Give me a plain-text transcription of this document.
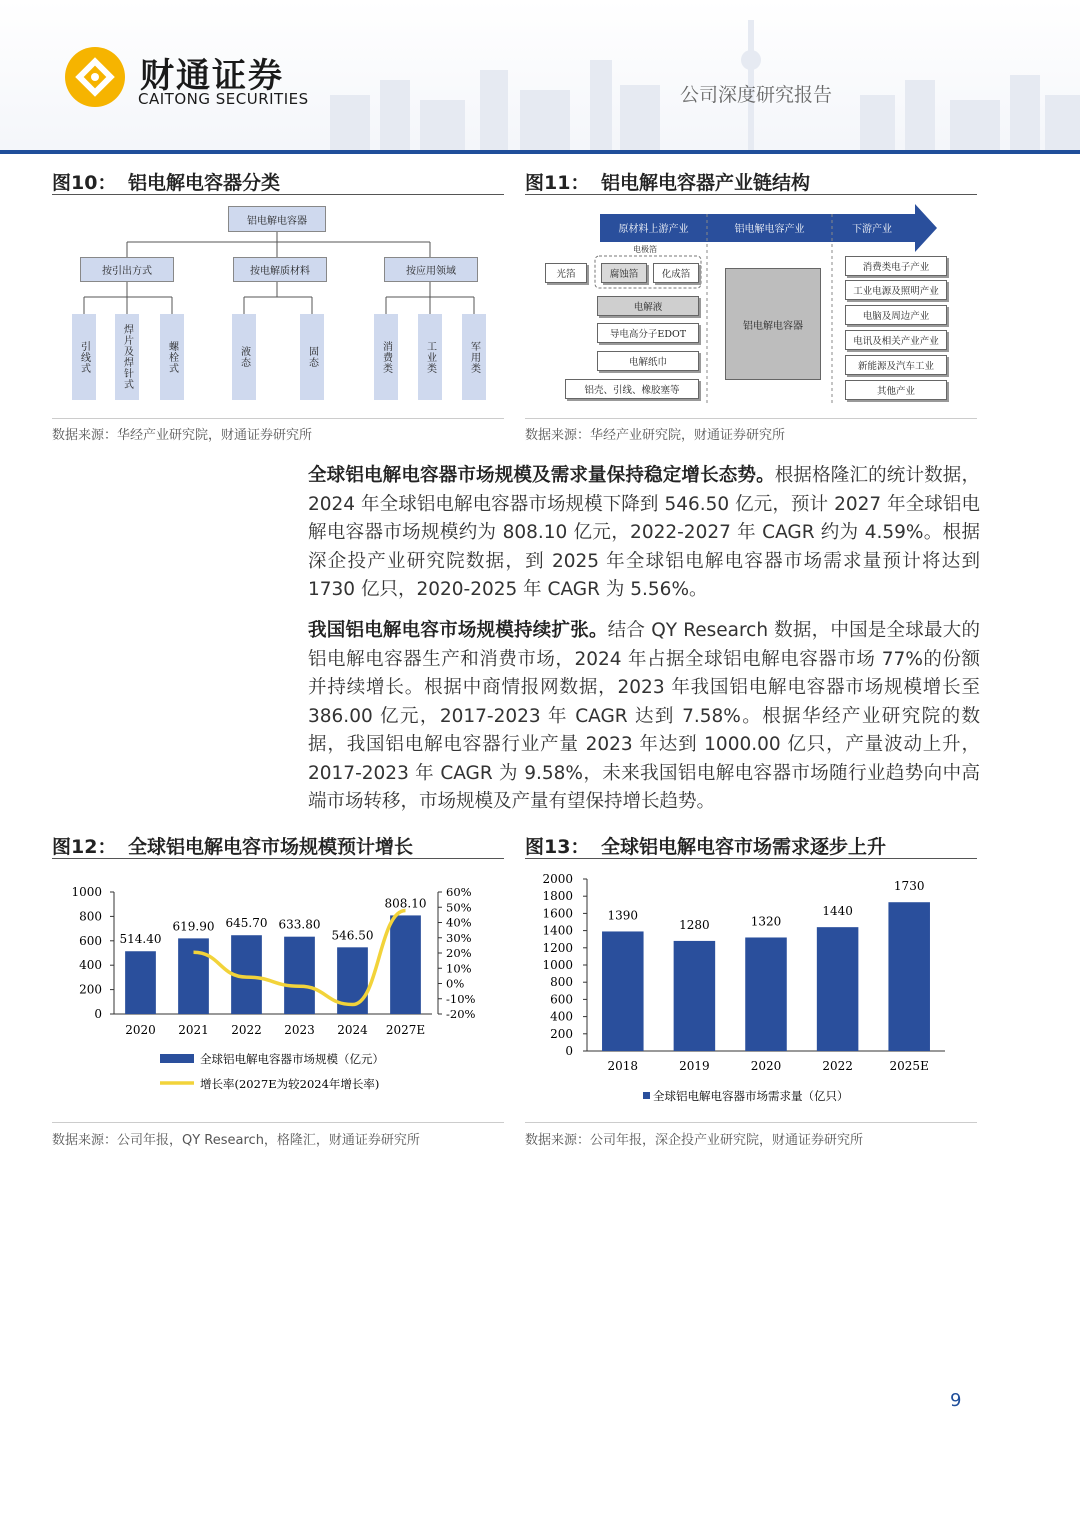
财通证券
CAITONG SECURITIES	公司深度研究报告
图10： 铝电解电容器分类
铝电解电容器
按引出方式	按电解质材料	按应用领域
引线式	焊片及焊针式	螺栓式	液态	固态	消费类	工业类	军用类
数据来源：华经产业研究院，财通证券研究所
图11： 铝电解电容器产业链结构
原材料上游产业	铝电解电容产业	下游产业
电极箔
光箔	腐蚀箔	化成箔
电解液
导电高分子EDOT
电解纸巾
铝壳、引线、橡胶塞等
铝电解电容器
消费类电子产业
工业电源及照明产业
电脑及周边产业
电讯及相关产业产业
新能源及汽车工业
其他产业
数据来源：华经产业研究院，财通证券研究所
全球铝电解电容器市场规模及需求量保持稳定增长态势。根据格隆汇的统计数据，2024 年全球铝电解电容器市场规模下降到 546.50 亿元，预计 2027 年全球铝电解电容器市场规模约为 808.10 亿元，2022-2027 年 CAGR 约为 4.59%。根据深企投产业研究院数据，到 2025 年全球铝电解电容器市场需求量预计将达到 1730 亿只，2020-2025 年 CAGR 为 5.56%。
我国铝电解电容市场规模持续扩张。结合 QY Research 数据，中国是全球最大的铝电解电容器生产和消费市场，2024 年占据全球铝电解电容器市场 77%的份额并持续增长。根据中商情报网数据，2023 年我国铝电解电容器市场规模增长至 386.00 亿元，2017-2023 年 CAGR 达到 7.58%。根据华经产业研究院的数据，我国铝电解电容器行业产量 2023 年达到 1000.00 亿只，产量波动上升，2017-2023 年 CAGR 为 9.58%，未来我国铝电解电容器市场随行业趋势向中高端市场转移，市场规模及产量有望保持增长趋势。
图12： 全球铝电解电容市场规模预计增长
1000
800
600
400
200
0
60%
50%
40%
30%
20%
10%
0%
-10%
-20%
514.40
2020
619.90
2021
645.70
2022
633.80
2023
546.50
2024
808.10
2027E
全球铝电解电容器市场规模（亿元）
增长率(2027E为较2024年增长率)
数据来源：公司年报，QY Research，格隆汇，财通证券研究所
图13： 全球铝电解电容市场需求逐步上升
2000
1800
1600
1400
1200
1000
800
600
400
200
0
1390
2018
1280
2019
1320
2020
1440
2022
1730
2025E
全球铝电解电容器市场需求量（亿只）
数据来源：公司年报，深企投产业研究院，财通证券研究所
9
